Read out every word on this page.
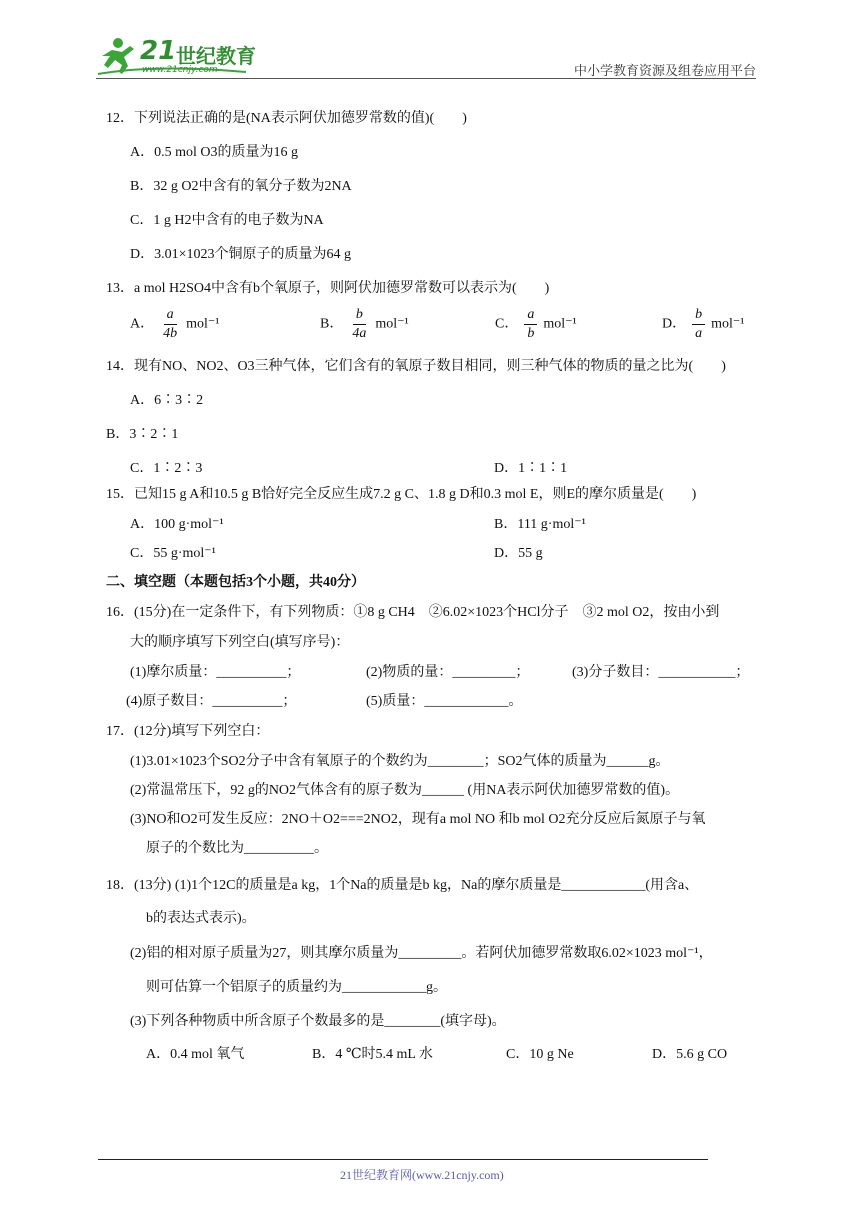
21 世纪教育
www.21cnjy.com	中小学教育资源及组卷应用平台
12．下列说法正确的是(NA表示阿伏加德罗常数的值)(　　)
A．0.5 mol O3的质量为16 g
B．32 g O2中含有的氧分子数为2NA
C．1 g H2中含有的电子数为NA
D．3.01×1023个铜原子的质量为64 g
13．a mol H2SO4中含有b个氧原子，则阿伏加德罗常数可以表示为(　　)
A． $\frac{a}{4b} mol^{-1}$	B． $\frac{b}{4a} mol^{-1}$	C． $\frac{a}{b} mol^{-1}$	D． $\frac{b}{a} mol^{-1}$
14．现有NO、NO2、O3三种气体，它们含有的氧原子数目相同，则三种气体的物质的量之比为(　　)
A．6∶3∶2
B．3∶2∶1
C．1∶2∶3	D．1∶1∶1
15．已知15 g A和10.5 g B恰好完全反应生成7.2 g C、1.8 g D和0.3 mol E，则E的摩尔质量是(　　)
A．100 g·mol⁻¹	B．111 g·mol⁻¹
C．55 g·mol⁻¹	D．55 g
二、填空题（本题包括3个小题，共40分）
16．(15分)在一定条件下，有下列物质：①8 g CH4　②6.02×1023个HCl分子　③2 mol O2，按由小到
大的顺序填写下列空白(填写序号)：
(1)摩尔质量：__________；	(2)物质的量：_________；	(3)分子数目：___________；
(4)原子数目：__________；	(5)质量：____________。
17．(12分)填写下列空白：
(1)3.01×1023个SO2分子中含有氧原子的个数约为________；SO2气体的质量为______g。
(2)常温常压下，92 g的NO2气体含有的原子数为______ (用NA表示阿伏加德罗常数的值)。
(3)NO和O2可发生反应：2NO＋O2===2NO2，现有a mol NO 和b mol O2充分反应后氮原子与氧
原子的个数比为__________。
18．(13分) (1)1个12C的质量是a kg，1个Na的质量是b kg，Na的摩尔质量是____________(用含a、
b的表达式表示)。
(2)铝的相对原子质量为27，则其摩尔质量为_________。若阿伏加德罗常数取6.02×1023 mol⁻¹，
则可估算一个铝原子的质量约为____________g。
(3)下列各种物质中所含原子个数最多的是________(填字母)。
A．0.4 mol 氧气	B．4 ℃时5.4 mL 水	C．10 g Ne	D．5.6 g CO
21世纪教育网(www.21cnjy.com)
